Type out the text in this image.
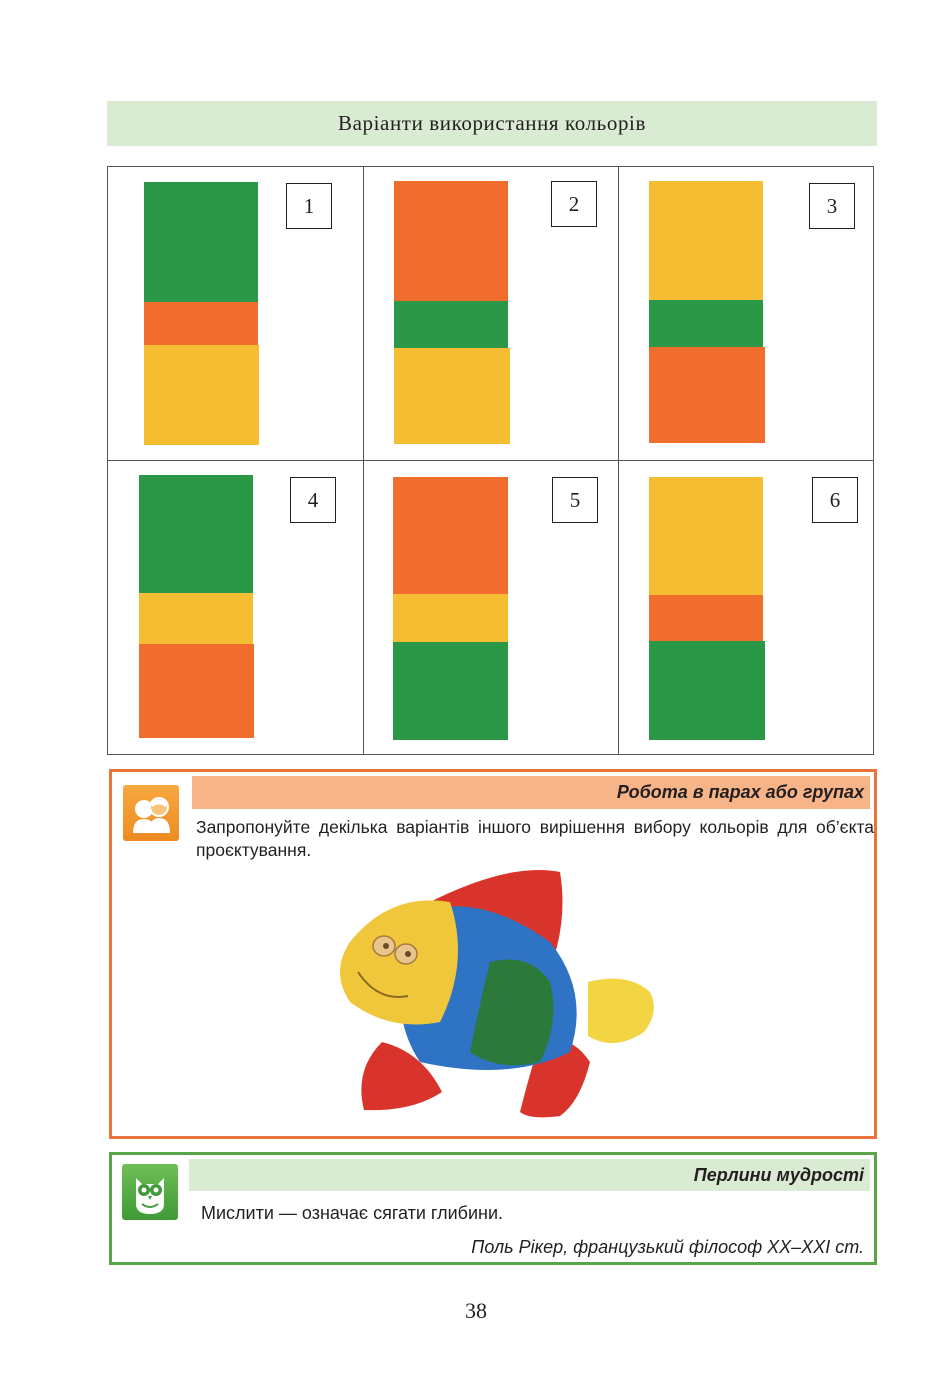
Варіанти використання кольорів
1	2	3
4	5	6
Робота в парах або групах
Запропонуйте декілька варіантів іншого вирішення вибору кольорів для об’єкта проєктування.
Перлини мудрості
Мислити — означає сягати глибини.
Поль Рікер, французький філософ XX–XXI ст.
38
